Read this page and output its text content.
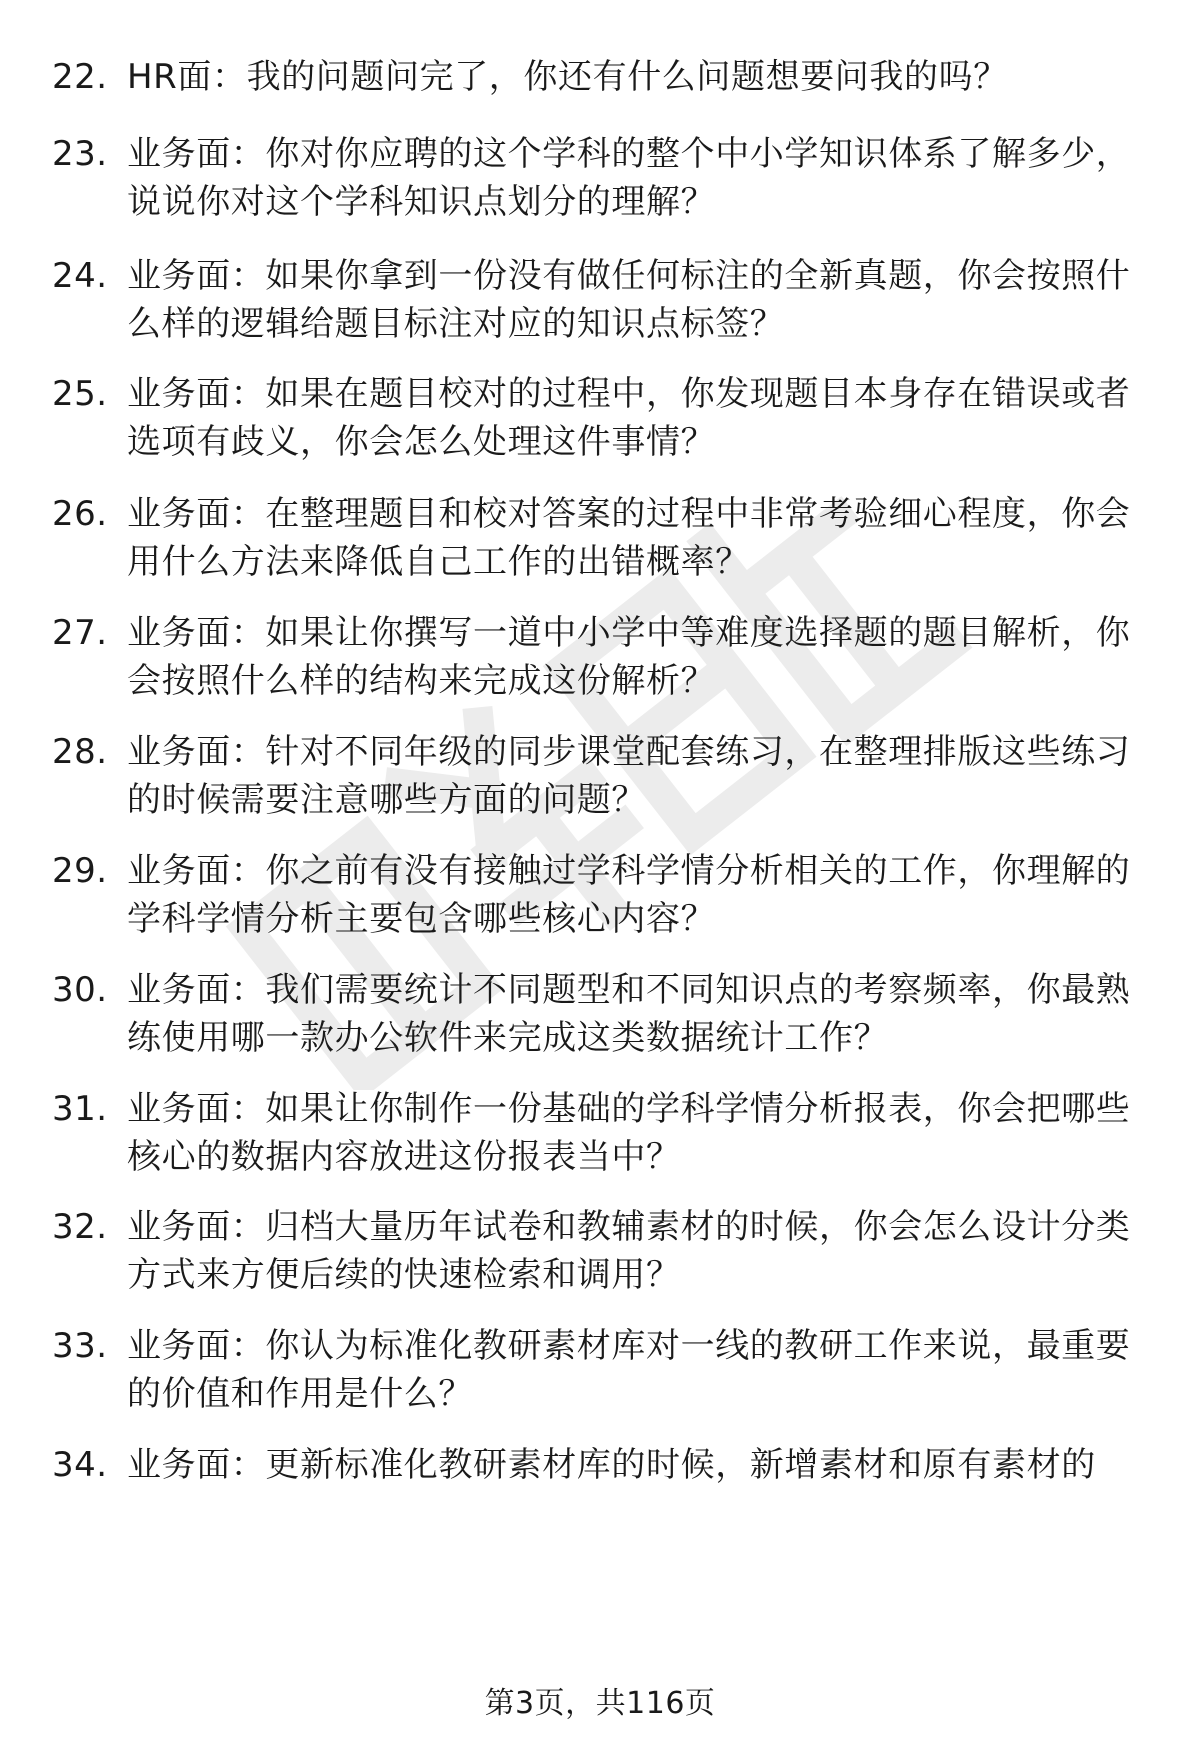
22. HR面：我的问题问完了，你还有什么问题想要问我的吗？
23. 业务面：你对你应聘的这个学科的整个中小学知识体系了解多少，说说你对这个学科知识点划分的理解？
24. 业务面：如果你拿到一份没有做任何标注的全新真题，你会按照什么样的逻辑给题目标注对应的知识点标签？
25. 业务面：如果在题目校对的过程中，你发现题目本身存在错误或者选项有歧义，你会怎么处理这件事情？
26. 业务面：在整理题目和校对答案的过程中非常考验细心程度，你会用什么方法来降低自己工作的出错概率？
27. 业务面：如果让你撰写一道中小学中等难度选择题的题目解析，你会按照什么样的结构来完成这份解析？
28. 业务面：针对不同年级的同步课堂配套练习，在整理排版这些练习的时候需要注意哪些方面的问题？
29. 业务面：你之前有没有接触过学科学情分析相关的工作，你理解的学科学情分析主要包含哪些核心内容？
30. 业务面：我们需要统计不同题型和不同知识点的考察频率，你最熟练使用哪一款办公软件来完成这类数据统计工作？
31. 业务面：如果让你制作一份基础的学科学情分析报表，你会把哪些核心的数据内容放进这份报表当中？
32. 业务面：归档大量历年试卷和教辅素材的时候，你会怎么设计分类方式来方便后续的快速检索和调用？
33. 业务面：你认为标准化教研素材库对一线的教研工作来说，最重要的价值和作用是什么？
34. 业务面：更新标准化教研素材库的时候，新增素材和原有素材的
第3页，共116页
